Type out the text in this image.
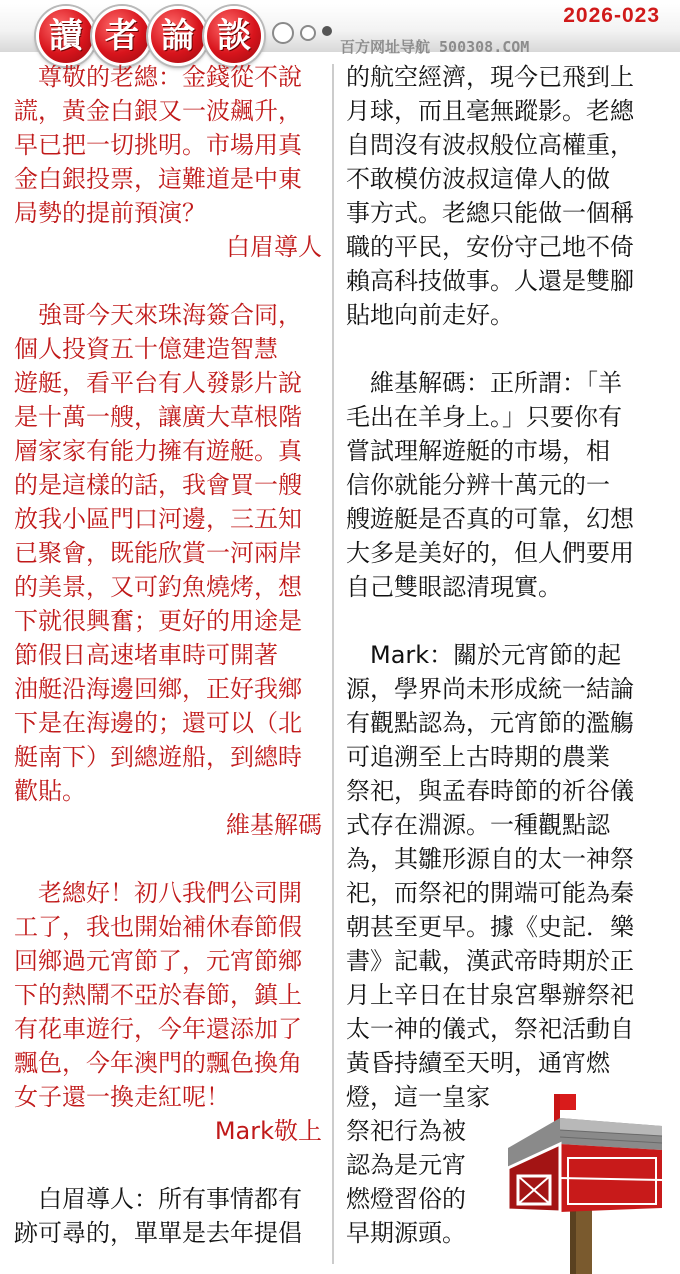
讀 者 論 談
2026-023
百方网址导航 500308.COM

　尊敬的老總：金錢從不說

謊，黃金白銀又一波飆升，

早已把一切挑明。市場用真

金白銀投票，這難道是中東

局勢的提前預演？

白眉導人

　強哥今天來珠海簽合同，

個人投資五十億建造智慧

遊艇，看平台有人發影片說

是十萬一艘，讓廣大草根階

層家家有能力擁有遊艇。真

的是這樣的話，我會買一艘

放我小區門口河邊，三五知

已聚會，既能欣賞一河兩岸

的美景，又可釣魚燒烤，想

下就很興奮；更好的用途是

節假日高速堵車時可開著

油艇沿海邊回鄉，正好我鄉

下是在海邊的；還可以（北

艇南下）到總遊船，到總時

歡貼。

維基解碼

　老總好！初八我們公司開

工了，我也開始補休春節假

回鄉過元宵節了，元宵節鄉

下的熱鬧不亞於春節，鎮上

有花車遊行，今年還添加了

飄色，今年澳門的飄色換角

女子還一換走紅呢！

Mark敬上

　白眉導人：所有事情都有

跡可尋的，單單是去年提倡

的航空經濟，現今已飛到上

月球，而且毫無蹤影。老總

自問沒有波叔般位高權重，

不敢模仿波叔這偉人的做

事方式。老總只能做一個稱

職的平民，安份守己地不倚

賴高科技做事。人還是雙腳

貼地向前走好。

　維基解碼：正所謂：「羊

毛出在羊身上。」只要你有

嘗試理解遊艇的市場，相

信你就能分辨十萬元的一

艘遊艇是否真的可靠，幻想

大多是美好的，但人們要用

自己雙眼認清現實。

　Mark：關於元宵節的起

源，學界尚未形成統一結論

有觀點認為，元宵節的濫觴

可追溯至上古時期的農業

祭祀，與孟春時節的祈谷儀

式存在淵源。一種觀點認

為，其雛形源自的太一神祭

祀，而祭祀的開端可能為秦

朝甚至更早。據《史記．樂

書》記載，漢武帝時期於正

月上辛日在甘泉宮舉辦祭祀

太一神的儀式，祭祀活動自

黃昏持續至天明，通宵燃

燈，這一皇家

祭祀行為被

認為是元宵

燃燈習俗的

早期源頭。
